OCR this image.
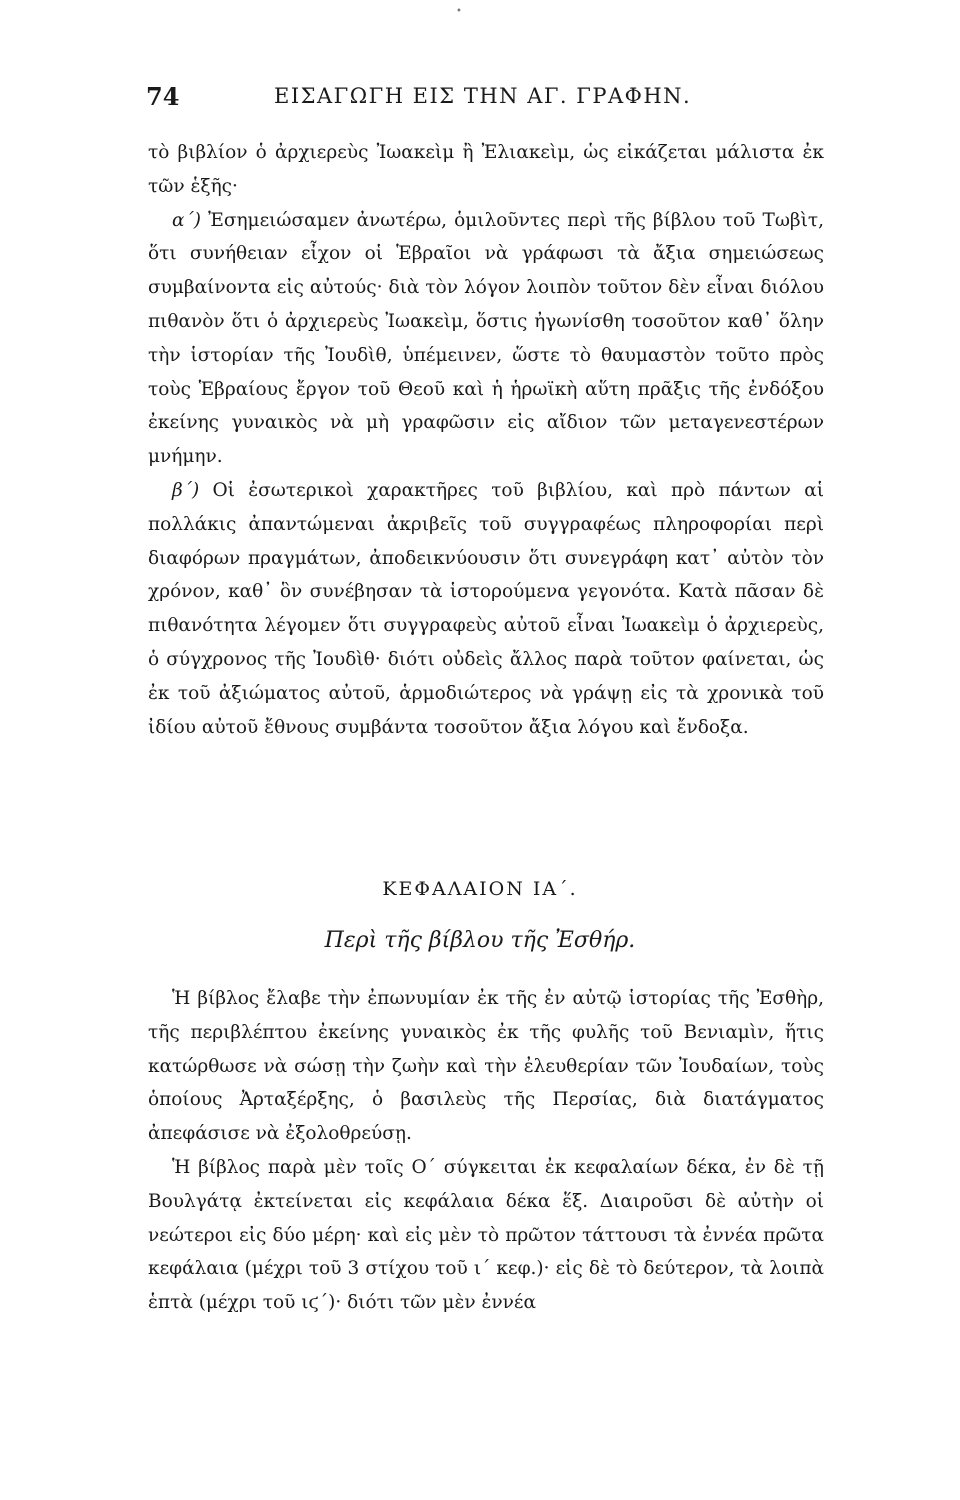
•
74	ΕΙΣΑΓΩΓΗ ΕΙΣ ΤΗΝ ΑΓ. ΓΡΑΦΗΝ.

τὸ βιβλίον ὁ ἀρχιερεὺς Ἰωακεὶμ ἢ Ἐλιακεὶμ, ὡς εἰκάζεται μάλιστα ἐκ τῶν ἑξῆς·

α´) Ἐσημειώσαμεν ἀνωτέρω, ὁμιλοῦντες περὶ τῆς βίβλου τοῦ Τωβὶτ, ὅτι συνήθειαν εἶχον οἱ Ἑβραῖοι νὰ γράφωσι τὰ ἄξια σημειώσεως συμβαίνοντα εἰς αὐτούς· διὰ τὸν λόγον λοιπὸν τοῦτον δὲν εἶναι διόλου πιθανὸν ὅτι ὁ ἀρχιερεὺς Ἰωακεὶμ, ὅστις ἠγωνίσθη τοσοῦτον καθ᾽ ὅλην τὴν ἱστορίαν τῆς Ἰουδὶθ, ὑπέμεινεν, ὥστε τὸ θαυμαστὸν τοῦτο πρὸς τοὺς Ἑβραίους ἔργον τοῦ Θεοῦ καὶ ἡ ἡρωϊκὴ αὕτη πρᾶξις τῆς ἐνδόξου ἐκείνης γυναικὸς νὰ μὴ γραφῶσιν εἰς αἴδιον τῶν μεταγενεστέρων μνήμην.

β´) Οἱ ἐσωτερικοὶ χαρακτῆρες τοῦ βιβλίου, καὶ πρὸ πάντων αἱ πολλάκις ἀπαντώμεναι ἀκριβεῖς τοῦ συγγραφέως πληροφορίαι περὶ διαφόρων πραγμάτων, ἀποδεικνύουσιν ὅτι συνεγράφη κατ᾽ αὐτὸν τὸν χρόνον, καθ᾽ ὃν συνέβησαν τὰ ἱστορούμενα γεγονότα. Κατὰ πᾶσαν δὲ πιθανότητα λέγομεν ὅτι συγγραφεὺς αὐτοῦ εἶναι Ἰωακεὶμ ὁ ἀρχιερεὺς, ὁ σύγχρονος τῆς Ἰουδὶθ· διότι οὐδεὶς ἄλλος παρὰ τοῦτον φαίνεται, ὡς ἐκ τοῦ ἀξιώματος αὐτοῦ, ἁρμοδιώτερος νὰ γράψῃ εἰς τὰ χρονικὰ τοῦ ἰδίου αὐτοῦ ἔθνους συμβάντα τοσοῦτον ἄξια λόγου καὶ ἔνδοξα.

ΚΕΦΑΛΑΙΟΝ ΙΑ´.
Περὶ τῆς βίβλου τῆς Ἐσθήρ.

Ἡ βίβλος ἔλαβε τὴν ἐπωνυμίαν ἐκ τῆς ἐν αὐτῷ ἱστορίας τῆς Ἐσθὴρ, τῆς περιβλέπτου ἐκείνης γυναικὸς ἐκ τῆς φυλῆς τοῦ Βενιαμὶν, ἥτις κατώρθωσε νὰ σώσῃ τὴν ζωὴν καὶ τὴν ἐλευθερίαν τῶν Ἰουδαίων, τοὺς ὁποίους Ἀρταξέρξης, ὁ βασιλεὺς τῆς Περσίας, διὰ διατάγματος ἀπεφάσισε νὰ ἐξολοθρεύσῃ.

Ἡ βίβλος παρὰ μὲν τοῖς Ο´ σύγκειται ἐκ κεφαλαίων δέκα, ἐν δὲ τῇ Βουλγάτᾳ ἐκτείνεται εἰς κεφάλαια δέκα ἕξ. Διαιροῦσι δὲ αὐτὴν οἱ νεώτεροι εἰς δύο μέρη· καὶ εἰς μὲν τὸ πρῶτον τάττουσι τὰ ἐννέα πρῶτα κεφάλαια (μέχρι τοῦ 3 στίχου τοῦ ι´ κεφ.)· εἰς δὲ τὸ δεύτερον, τὰ λοιπὰ ἑπτὰ (μέχρι τοῦ ιϛ´)· διότι τῶν μὲν ἐννέα
